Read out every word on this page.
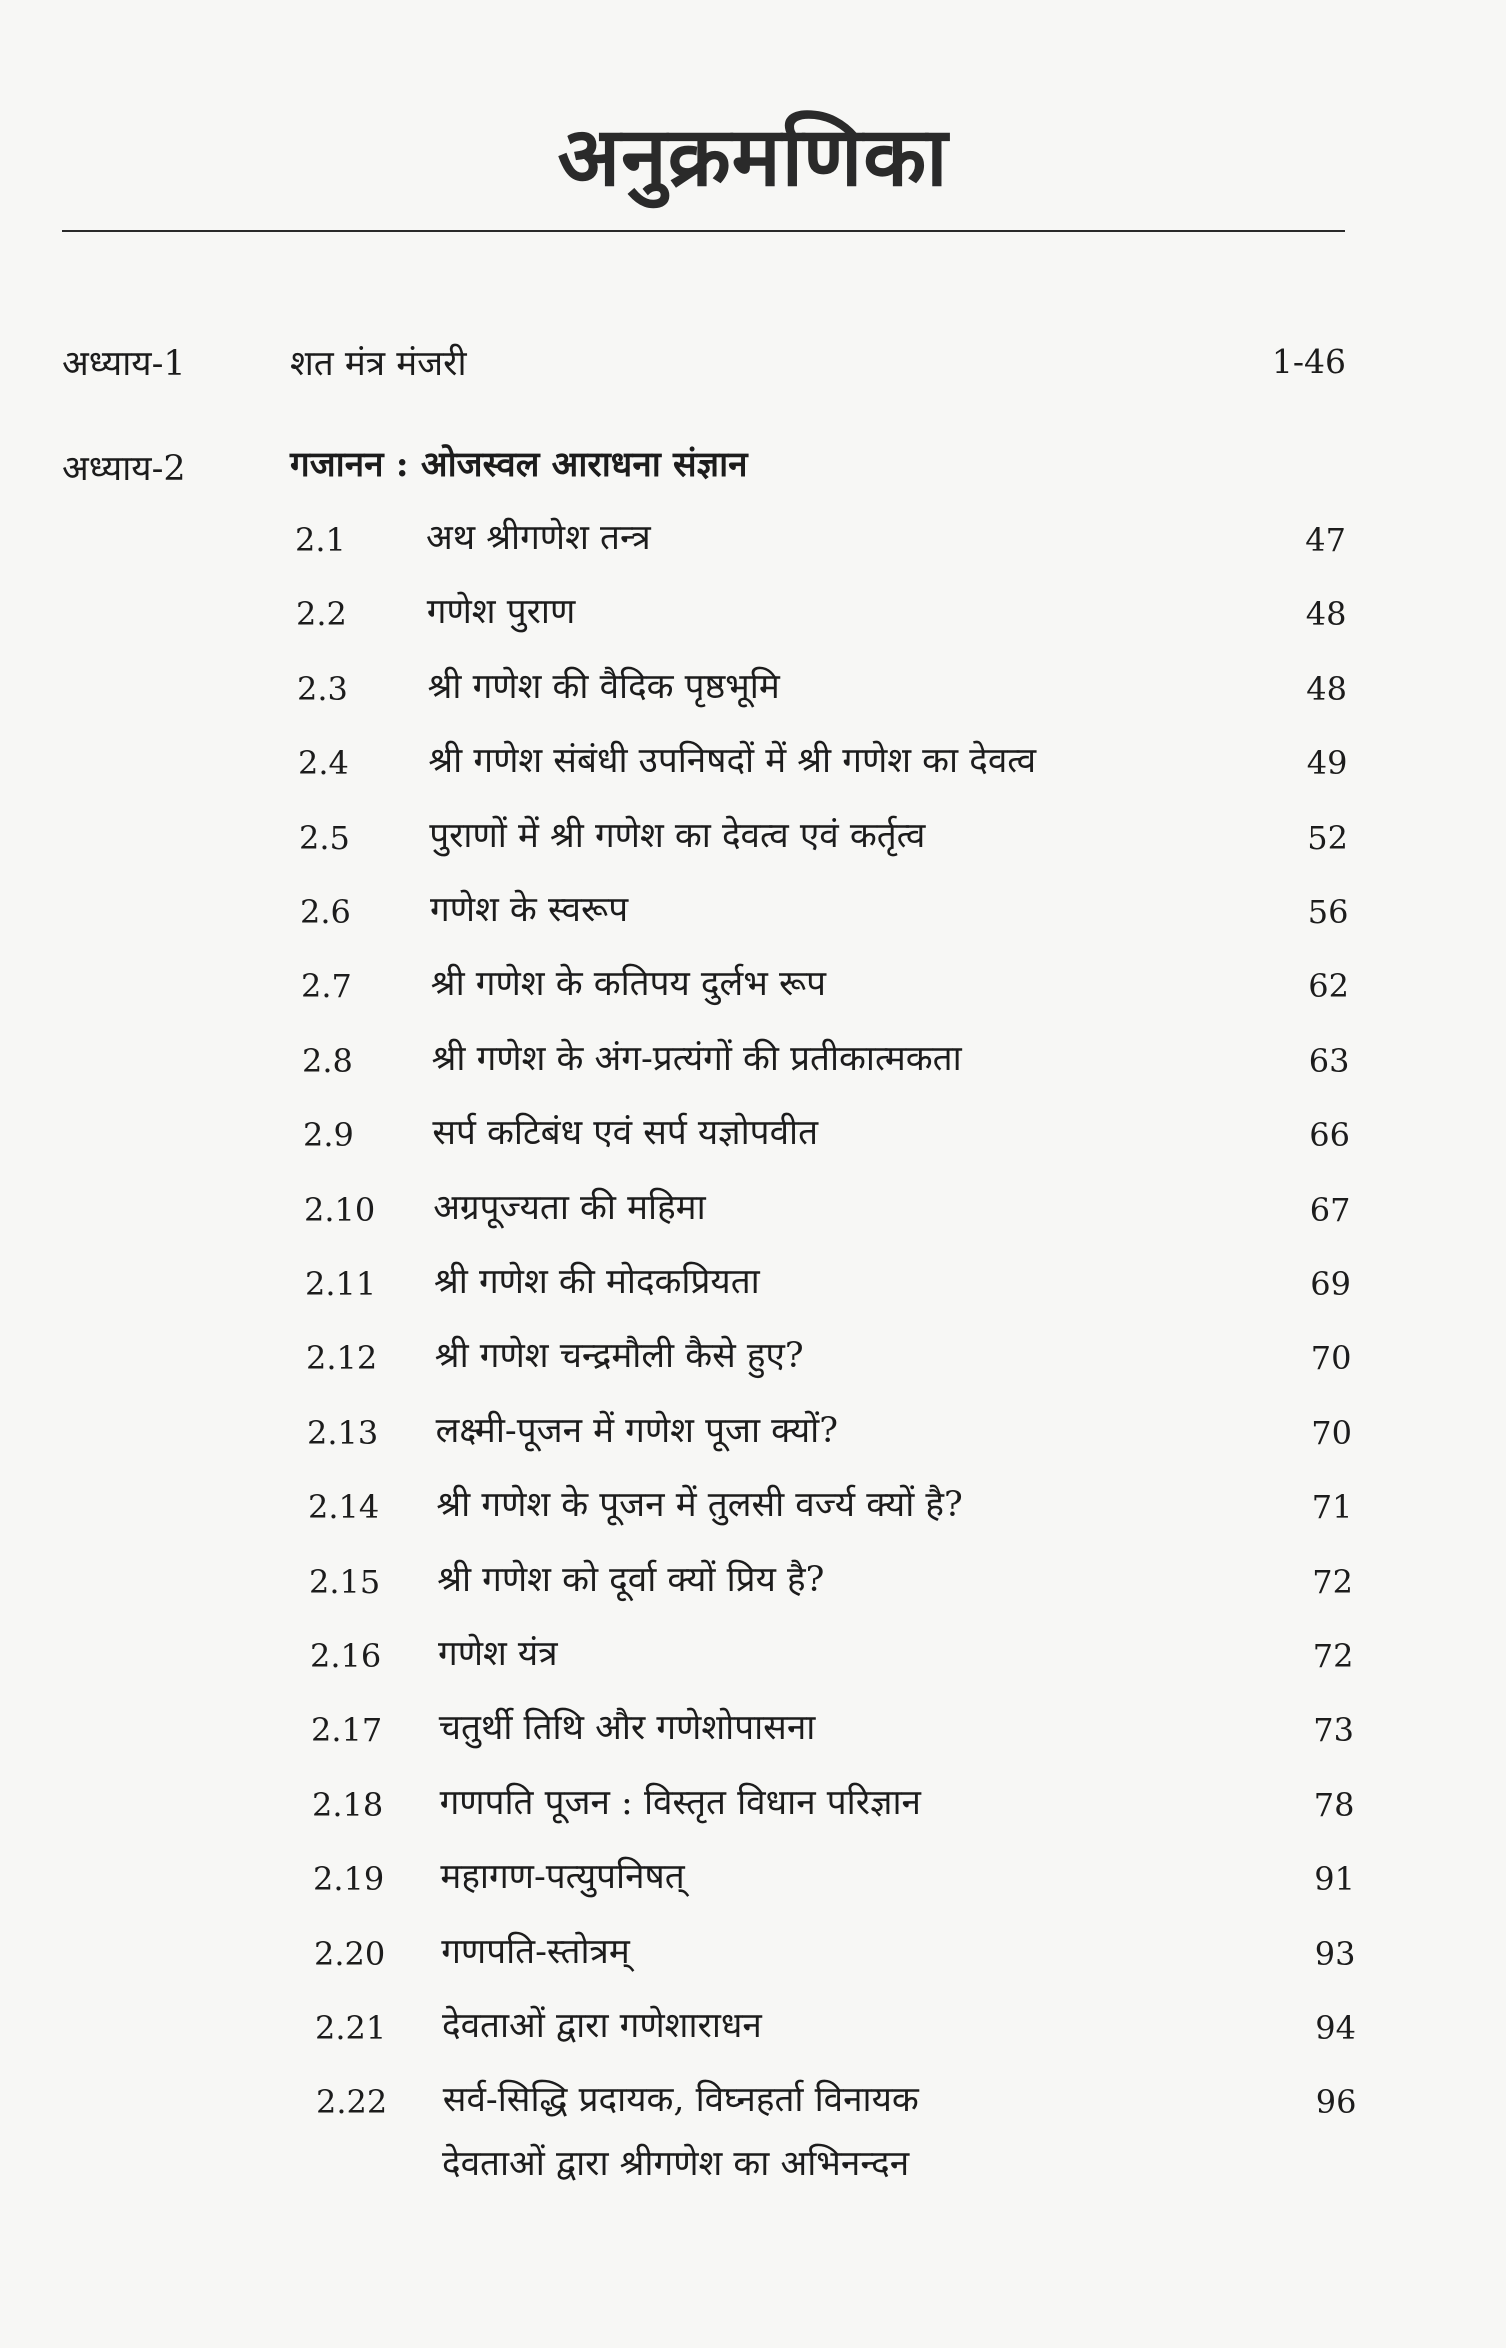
अनुक्रमणिका
अध्याय-1	शत मंत्र मंजरी	1-46
अध्याय-2	गजानन : ओजस्वल आराधना संज्ञान
2.1 अथ श्रीगणेश तन्त्र	47
2.2 गणेश पुराण	48
2.3 श्री गणेश की वैदिक पृष्ठभूमि	48
2.4 श्री गणेश संबंधी उपनिषदों में श्री गणेश का देवत्व	49
2.5 पुराणों में श्री गणेश का देवत्व एवं कर्तृत्व	52
2.6 गणेश के स्वरूप	56
2.7 श्री गणेश के कतिपय दुर्लभ रूप	62
2.8 श्री गणेश के अंग-प्रत्यंगों की प्रतीकात्मकता	63
2.9 सर्प कटिबंध एवं सर्प यज्ञोपवीत	66
2.10 अग्रपूज्यता की महिमा	67
2.11 श्री गणेश की मोदकप्रियता	69
2.12 श्री गणेश चन्द्रमौली कैसे हुए?	70
2.13 लक्ष्मी-पूजन में गणेश पूजा क्यों?	70
2.14 श्री गणेश के पूजन में तुलसी वर्ज्य क्यों है?	71
2.15 श्री गणेश को दूर्वा क्यों प्रिय है?	72
2.16 गणेश यंत्र	72
2.17 चतुर्थी तिथि और गणेशोपासना	73
2.18 गणपति पूजन : विस्तृत विधान परिज्ञान	78
2.19 महागण-पत्युपनिषत्	91
2.20 गणपति-स्तोत्रम्	93
2.21 देवताओं द्वारा गणेशाराधन	94
2.22 सर्व-सिद्धि प्रदायक, विघ्नहर्ता विनायक	96
देवताओं द्वारा श्रीगणेश का अभिनन्दन
